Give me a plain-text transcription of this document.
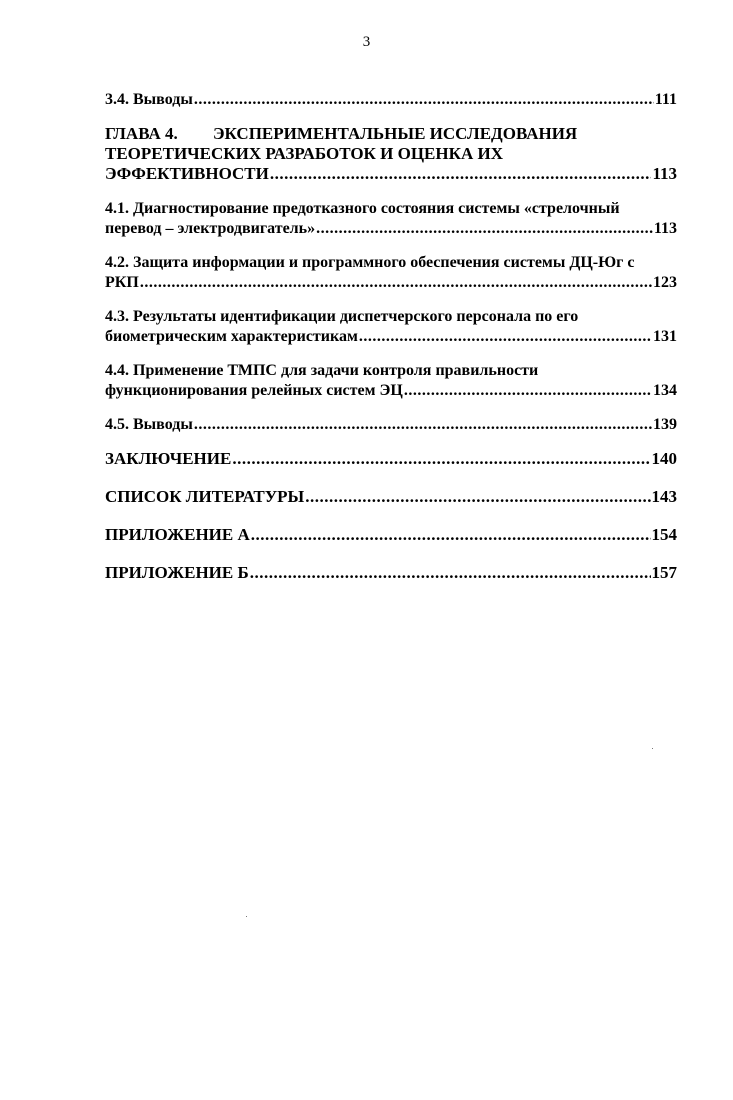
3
3.4. Выводы .....	111
ГЛАВА 4. ЭКСПЕРИМЕНТАЛЬНЫЕ ИССЛЕДОВАНИЯ
ТЕОРЕТИЧЕСКИХ РАЗРАБОТОК И ОЦЕНКА ИХ
ЭФФЕКТИВНОСТИ .....	113
4.1. Диагностирование предотказного состояния системы «стрелочный
перевод – электродвигатель» .....	113
4.2. Защита информации и программного обеспечения системы ДЦ-Юг с
РКП .....	123
4.3. Результаты идентификации диспетчерского персонала по его
биометрическим характеристикам .....	131
4.4. Применение ТМПС для задачи контроля правильности
функционирования релейных систем ЭЦ .....	134
4.5. Выводы .....	139
ЗАКЛЮЧЕНИЕ .....	140
СПИСОК ЛИТЕРАТУРЫ .....	143
ПРИЛОЖЕНИЕ А .....	154
ПРИЛОЖЕНИЕ Б .....	157
